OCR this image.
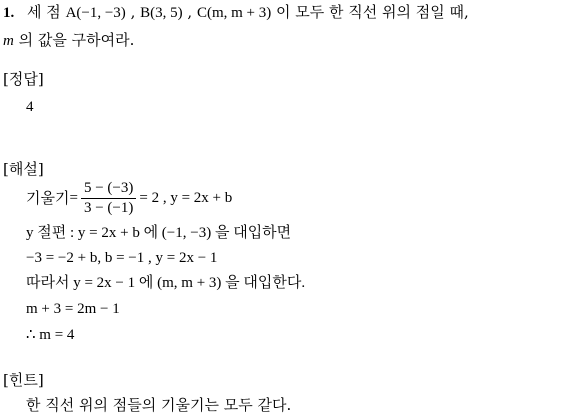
1. 세 점 A(−1, −3) , B(3, 5) , C(m, m + 3) 이 모두 한 직선 위의 점일 때,
m 의 값을 구하여라.
[정답]
4
[해설]
기울기 = $\frac{5 - (-3)}{3 - (-1)} = 2$ , y = 2x + b
y 절편 : y = 2x + b 에 (−1, −3) 을 대입하면
−3 = −2 + b, b = −1 , y = 2x − 1
따라서 y = 2x − 1 에 (m, m + 3) 을 대입한다.
m + 3 = 2m − 1
∴ m = 4
[힌트]
한 직선 위의 점들의 기울기는 모두 같다.
